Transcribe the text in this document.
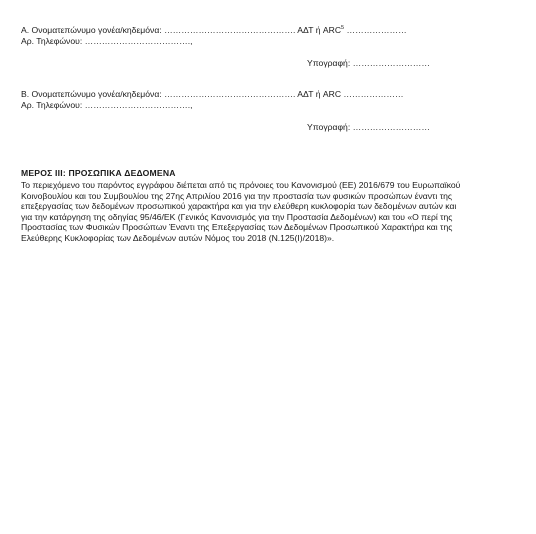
Α. Ονοματεπώνυμο γονέα/κηδεμόνα: ………………………………………. ΑΔΤ ή ARC$^5$ …………………
Αρ. Τηλεφώνου: ……………………………….,
Υπογραφή: ………………………
Β. Ονοματεπώνυμο γονέα/κηδεμόνα: ………………………………………. ΑΔΤ ή ARC …………………
Αρ. Τηλεφώνου: ……………………………….,
Υπογραφή: ………………………
ΜΕΡΟΣ ΙΙΙ: ΠΡΟΣΩΠΙΚΑ ΔΕΔΟΜΕΝΑ
Το περιεχόμενο του παρόντος εγγράφου διέπεται από τις πρόνοιες του Κανονισμού (ΕΕ) 2016/679 του Ευρωπαϊκού
Κοινοβουλίου και του Συμβουλίου της 27ης Απριλίου 2016 για την προστασία των φυσικών προσώπων έναντι της
επεξεργασίας των δεδομένων προσωπικού χαρακτήρα και για την ελεύθερη κυκλοφορία των δεδομένων αυτών και
για την κατάργηση της οδηγίας 95/46/ΕΚ (Γενικός Κανονισμός για την Προστασία Δεδομένων) και του «Ο περί της
Προστασίας των Φυσικών Προσώπων Έναντι της Επεξεργασίας των Δεδομένων Προσωπικού Χαρακτήρα και της
Ελεύθερης Κυκλοφορίας των Δεδομένων αυτών Νόμος του 2018 (Ν.125(Ι)/2018)».
